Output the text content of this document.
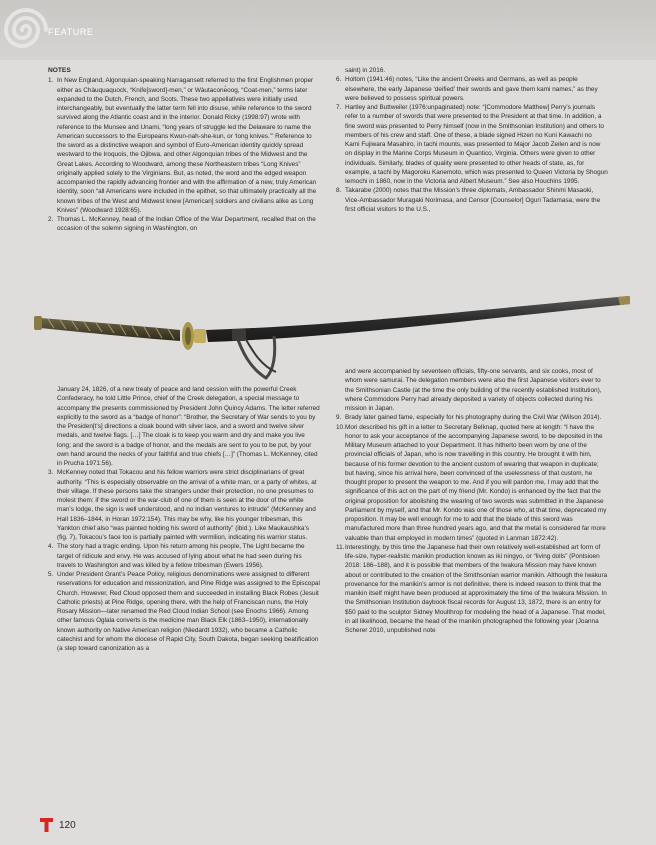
FEATURE
NOTES
1. In New England, Algonquian-speaking Narragansett referred to the first Englishmen proper either as Chàuquaquock, “Knife[sword]-men,” or Wàutacone̊oog, “Coat-men,” terms later expanded to the Dutch, French, and Scots. These two appellatives were initially used interchangeably, but eventually the latter term fell into disuse, while reference to the sword survived along the Atlantic coast and in the interior. Donald Ricky (1998:97) wrote with reference to the Munsee and Unami, “long years of struggle led the Delaware to name the American successors to the Europeans Kwun-nah-she-kun, or ‘long knives.’” Reference to the sword as a distinctive weapon and symbol of Euro-American identity quickly spread westward to the Iroquois, the Ojibwa, and other Algonquian tribes of the Midwest and the Great Lakes. According to Woodward, among these Northeastern tribes “Long Knives” originally applied solely to the Virginians. But, as noted, the word and the edged weapon accompanied the rapidly advancing frontier and with the affirmation of a new, truly American identity, soon “all Americans were included in the epithet, so that ultimately practically all the known tribes of the West and Midwest knew [American] soldiers and civilians alike as Long Knives” (Woodward 1928:65).
2. Thomas L. McKenney, head of the Indian Office of the War Department, recalled that on the occasion of the solemn signing in Washington, on

saint) in 2016.

6. Holtom (1941:46) notes, “Like the ancient Greeks and Germans, as well as people elsewhere, the early Japanese ‘deified’ their swords and gave them kami names,” as they were believed to possess spiritual powers.
7. Hartley and Buttweiler (1976:unpaginated) note: “[Commodore Matthew] Perry’s journals refer to a number of swords that were presented to the President at that time. In addition, a fine sword was presented to Perry himself (now in the Smithsonian Institution) and others to members of his crew and staff. One of these, a blade signed Hizen no Kuni Kawachi no Kami Fujiwara Masahiro, in tachi mounts, was presented to Major Jacob Zeilen and is now on display in the Marine Corps Museum in Quantico, Virginia. Others were given to other individuals. Similarly, blades of quality were presented to other heads of state, as, for example, a tachi by Magoroku Kanemoto, which was presented to Queen Victoria by Shogun Iemochi in 1860, now in the Victoria and Albert Museum.” See also Houchins 1995.
8. Takarabe (2000) notes that the Mission’s three diplomats, Ambassador Shinmi Masaoki, Vice-Ambassador Muragaki Norimasa, and Censor [Counselor] Oguri Tadamasa, were the first official visitors to the U.S.,

January 24, 1826, of a new treaty of peace and land cession with the powerful Creek Confederacy, he told Little Prince, chief of the Creek delegation, a special message to accompany the presents commissioned by President John Quincy Adams. The letter referred explicitly to the sword as a “badge of honor”: “Brother, the Secretary of War sends to you by the Presiden[t’s] directions a cloak bound with silver lace, and a sword and twelve silver medals, and twelve flags. […] The cloak is to keep you warm and dry and make you live long; and the sword is a badge of honor, and the medals are sent to you to be put, by your own hand around the necks of your faithful and true chiefs […]” (Thomas L. McKenney, cited in Prucha 1971:56).

3. McKenney noted that Tokacou and his fellow warriors were strict disciplinarians of great authority. “This is especially observable on the arrival of a white man, or a party of whites, at their village. If these persons take the strangers under their protection, no one presumes to molest them: if the sword or the war-club of one of them is seen at the door of the white man’s lodge, the sign is well understood, and no Indian ventures to intrude” (McKenney and Hall 1836–1844, in Horan 1972:154). This may be why, like his younger tribesman, this Yankton chief also “was painted holding his sword of authority” (ibid.). Like Maukaushka’s (fig. 7), Tokacou’s face too is partially painted with vermilion, indicating his warrior status.
4. The story had a tragic ending. Upon his return among his people, The Light became the target of ridicule and envy. He was accused of lying about what he had seen during his travels to Washington and was killed by a fellow tribesman (Ewers 1956).
5. Under President Grant’s Peace Policy, religious denominations were assigned to different reservations for education and missionization, and Pine Ridge was assigned to the Episcopal Church. However, Red Cloud opposed them and succeeded in installing Black Robes (Jesuit Catholic priests) at Pine Ridge, opening there, with the help of Franciscan nuns, the Holy Rosary Mission—later renamed the Red Cloud Indian School (see Enochs 1966). Among other famous Oglala converts is the medicine man Black Elk (1863–1950), internationally known authority on Native American religion (Niedardt 1932), who became a Catholic catechist and for whom the diocese of Rapid City, South Dakota, began seeking beatification (a step toward canonization as a

and were accompanied by seventeen officials, fifty-one servants, and six cooks, most of whom were samurai. The delegation members were also the first Japanese visitors ever to the Smithsonian Castle (at the time the only building of the recently established Institution), where Commodore Perry had already deposited a variety of objects collected during his mission in Japan.

9. Brady later gained fame, especially for his photography during the Civil War (Wilson 2014).
10. Mori described his gift in a letter to Secretary Belknap, quoted here at length: “I have the honor to ask your acceptance of the accompanying Japanese sword, to be deposited in the Military Museum attached to your Department. It has hitherto been worn by one of the provincial officials of Japan, who is now travelling in this country. He brought it with him, because of his former devotion to the ancient custom of wearing that weapon in duplicate; but having, since his arrival here, been convinced of the uselessness of that custom, he thought proper to present the weapon to me. And if you will pardon me, I may add that the significance of this act on the part of my friend (Mr. Kondo) is enhanced by the fact that the original proposition for abolishing the wearing of two swords was submitted in the Japanese Parliament by myself, and that Mr. Kondo was one of those who, at that time, deprecated my proposition. It may be well enough for me to add that the blade of this sword was manufactured more than three hundred years ago, and that the metal is considered far more valuable than that employed in modern times” (quoted in Lanman 1872:42).
11. Interestingly, by this time the Japanese had their own relatively well-established art form of life-size, hyper-realistic manikin production known as iki ningyo, or “living dolls” (Pontsioen 2018: 186–188), and it is possible that members of the Iwakura Mission may have known about or contributed to the creation of the Smithsonian warrior manikin. Although the Iwakura provenance for the manikin’s armor is not definitive, there is indeed reason to think that the manikin itself might have been produced at approximately the time of the Iwakura Mission. In the Smithsonian Institution daybook fiscal records for August 13, 1872, there is an entry for $50 paid to the sculptor Sidney Moulthrop for modeling the head of a Japanese. That model, in all likelihood, became the head of the manikin photographed the following year (Joanna Scherer 2010, unpublished note
120
